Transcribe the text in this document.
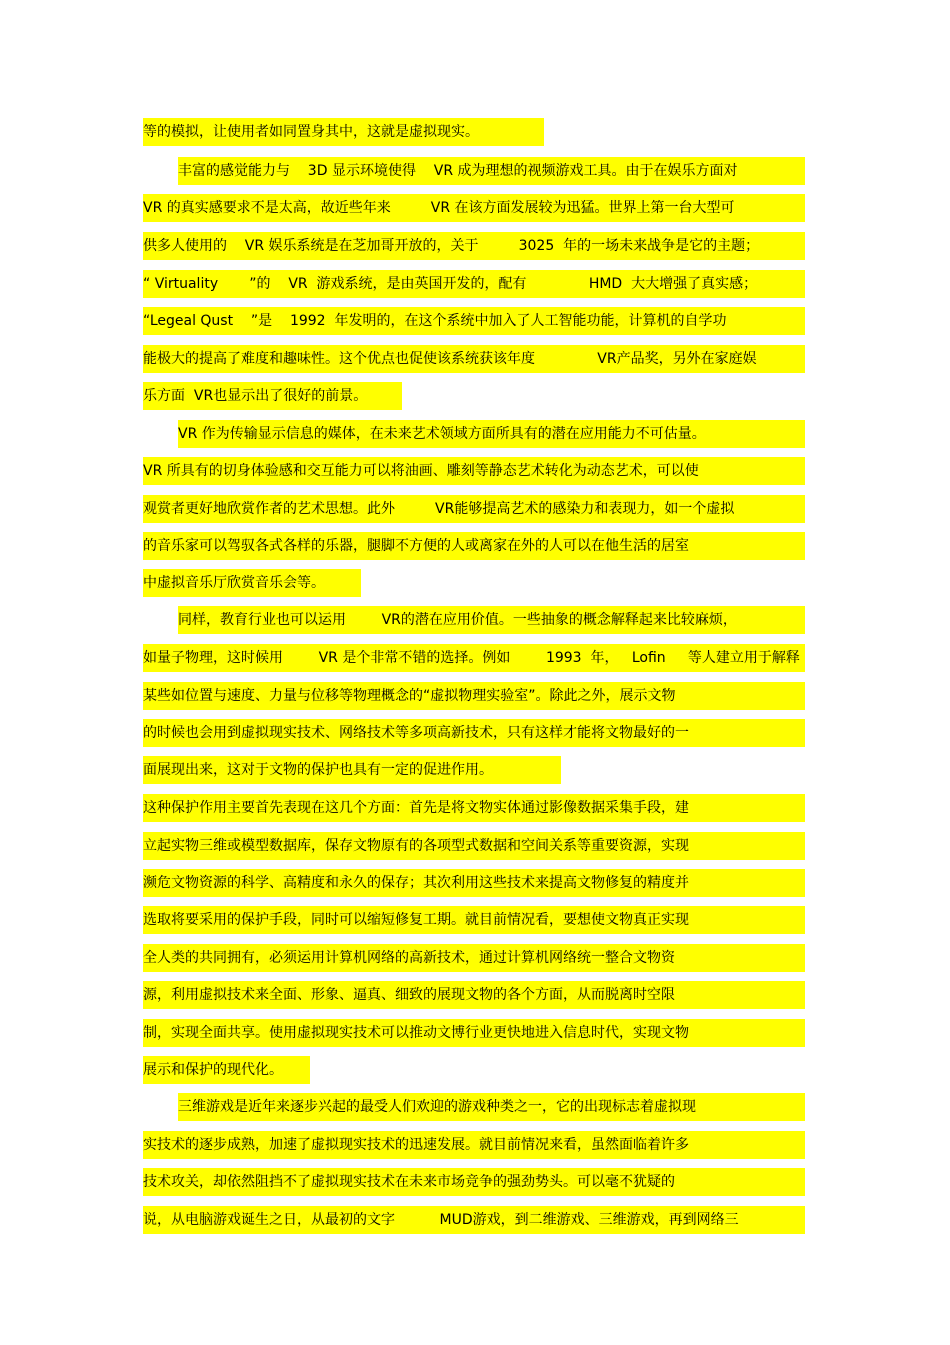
等的模拟，让使用者如同置身其中，这就是虚拟现实。
丰富的感觉能力与    3D 显示环境使得    VR 成为理想的视频游戏工具。由于在娱乐方面对
VR 的真实感要求不是太高，故近些年来         VR 在该方面发展较为迅猛。世界上第一台大型可
供多人使用的    VR 娱乐系统是在芝加哥开放的，关于         3025  年的一场未来战争是它的主题；
“ Virtuality       ”的    VR  游戏系统，是由英国开发的，配有              HMD  大大增强了真实感；
“Legeal Qust    ”是    1992  年发明的，在这个系统中加入了人工智能功能，计算机的自学功
能极大的提高了难度和趣味性。这个优点也促使该系统获该年度              VR产品奖，另外在家庭娱
乐方面  VR也显示出了很好的前景。
VR 作为传输显示信息的媒体，在未来艺术领域方面所具有的潜在应用能力不可估量。
VR 所具有的切身体验感和交互能力可以将油画、雕刻等静态艺术转化为动态艺术，可以使
观赏者更好地欣赏作者的艺术思想。此外         VR能够提高艺术的感染力和表现力，如一个虚拟
的音乐家可以驾驭各式各样的乐器，腿脚不方便的人或离家在外的人可以在他生活的居室
中虚拟音乐厅欣赏音乐会等。
同样，教育行业也可以运用        VR的潜在应用价值。一些抽象的概念解释起来比较麻烦，
如量子物理，这时候用        VR 是个非常不错的选择。例如        1993  年，   Lofin     等人建立用于解释
某些如位置与速度、力量与位移等物理概念的“虚拟物理实验室”。除此之外，展示文物
的时候也会用到虚拟现实技术、网络技术等多项高新技术，只有这样才能将文物最好的一
面展现出来，这对于文物的保护也具有一定的促进作用。
这种保护作用主要首先表现在这几个方面：首先是将文物实体通过影像数据采集手段，建
立起实物三维或模型数据库，保存文物原有的各项型式数据和空间关系等重要资源，实现
濒危文物资源的科学、高精度和永久的保存；其次利用这些技术来提高文物修复的精度并
选取将要采用的保护手段，同时可以缩短修复工期。就目前情况看，要想使文物真正实现
全人类的共同拥有，必须运用计算机网络的高新技术，通过计算机网络统一整合文物资
源，利用虚拟技术来全面、形象、逼真、细致的展现文物的各个方面，从而脱离时空限
制，实现全面共享。使用虚拟现实技术可以推动文博行业更快地进入信息时代，实现文物
展示和保护的现代化。
三维游戏是近年来逐步兴起的最受人们欢迎的游戏种类之一，它的出现标志着虚拟现
实技术的逐步成熟，加速了虚拟现实技术的迅速发展。就目前情况来看，虽然面临着许多
技术攻关，却依然阻挡不了虚拟现实技术在未来市场竞争的强劲势头。可以毫不犹疑的
说，从电脑游戏诞生之日，从最初的文字          MUD游戏，到二维游戏、三维游戏，再到网络三
